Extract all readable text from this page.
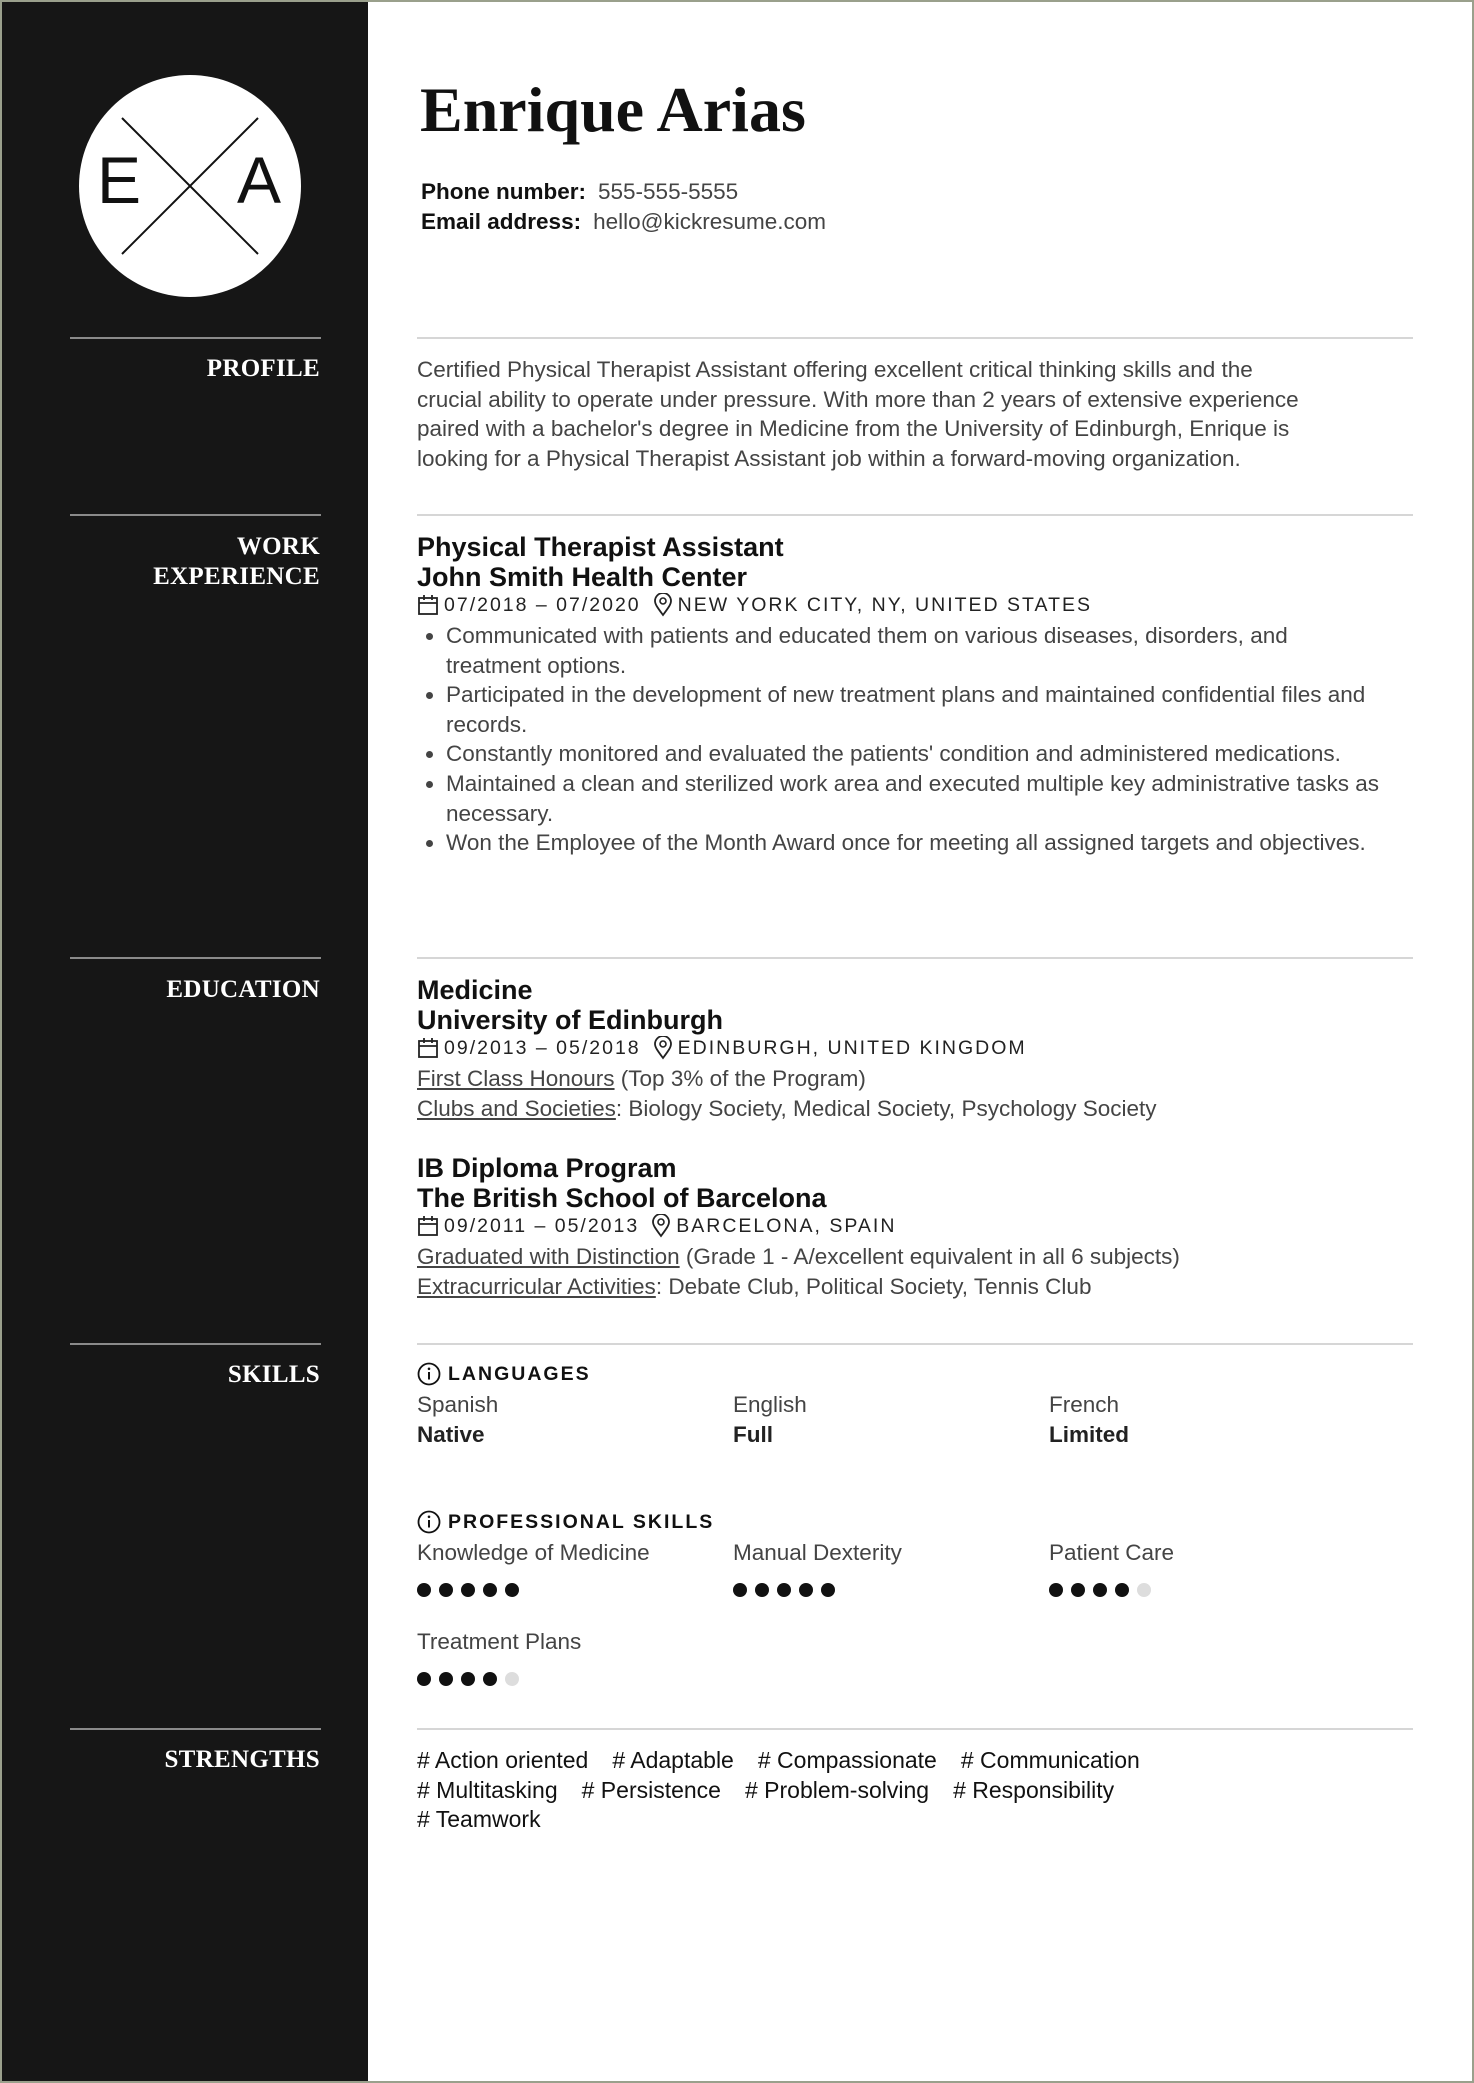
E A
PROFILE
WORK
EXPERIENCE
EDUCATION
SKILLS
STRENGTHS
Enrique Arias
Phone number: 555-555-5555
Email address: hello@kickresume.com
Certified Physical Therapist Assistant offering excellent critical thinking skills and the
crucial ability to operate under pressure. With more than 2 years of extensive experience
paired with a bachelor's degree in Medicine from the University of Edinburgh, Enrique is
looking for a Physical Therapist Assistant job within a forward-moving organization.
Physical Therapist Assistant
John Smith Health Center
07/2018 – 07/2020 NEW YORK CITY, NY, UNITED STATES
• Communicated with patients and educated them on various diseases, disorders, and treatment options.
• Participated in the development of new treatment plans and maintained confidential files and records.
• Constantly monitored and evaluated the patients' condition and administered medications.
• Maintained a clean and sterilized work area and executed multiple key administrative tasks as necessary.
• Won the Employee of the Month Award once for meeting all assigned targets and objectives.
Medicine
University of Edinburgh
09/2013 – 05/2018 EDINBURGH, UNITED KINGDOM
First Class Honours (Top 3% of the Program)
Clubs and Societies: Biology Society, Medical Society, Psychology Society
IB Diploma Program
The British School of Barcelona
09/2011 – 05/2013 BARCELONA, SPAIN
Graduated with Distinction (Grade 1 - A/excellent equivalent in all 6 subjects)
Extracurricular Activities: Debate Club, Political Society, Tennis Club
LANGUAGES
Spanish
Native
English
Full
French
Limited
PROFESSIONAL SKILLS
Knowledge of Medicine	Manual Dexterity	Patient Care
Treatment Plans
# Action oriented # Adaptable # Compassionate # Communication
# Multitasking # Persistence # Problem-solving # Responsibility
# Teamwork
